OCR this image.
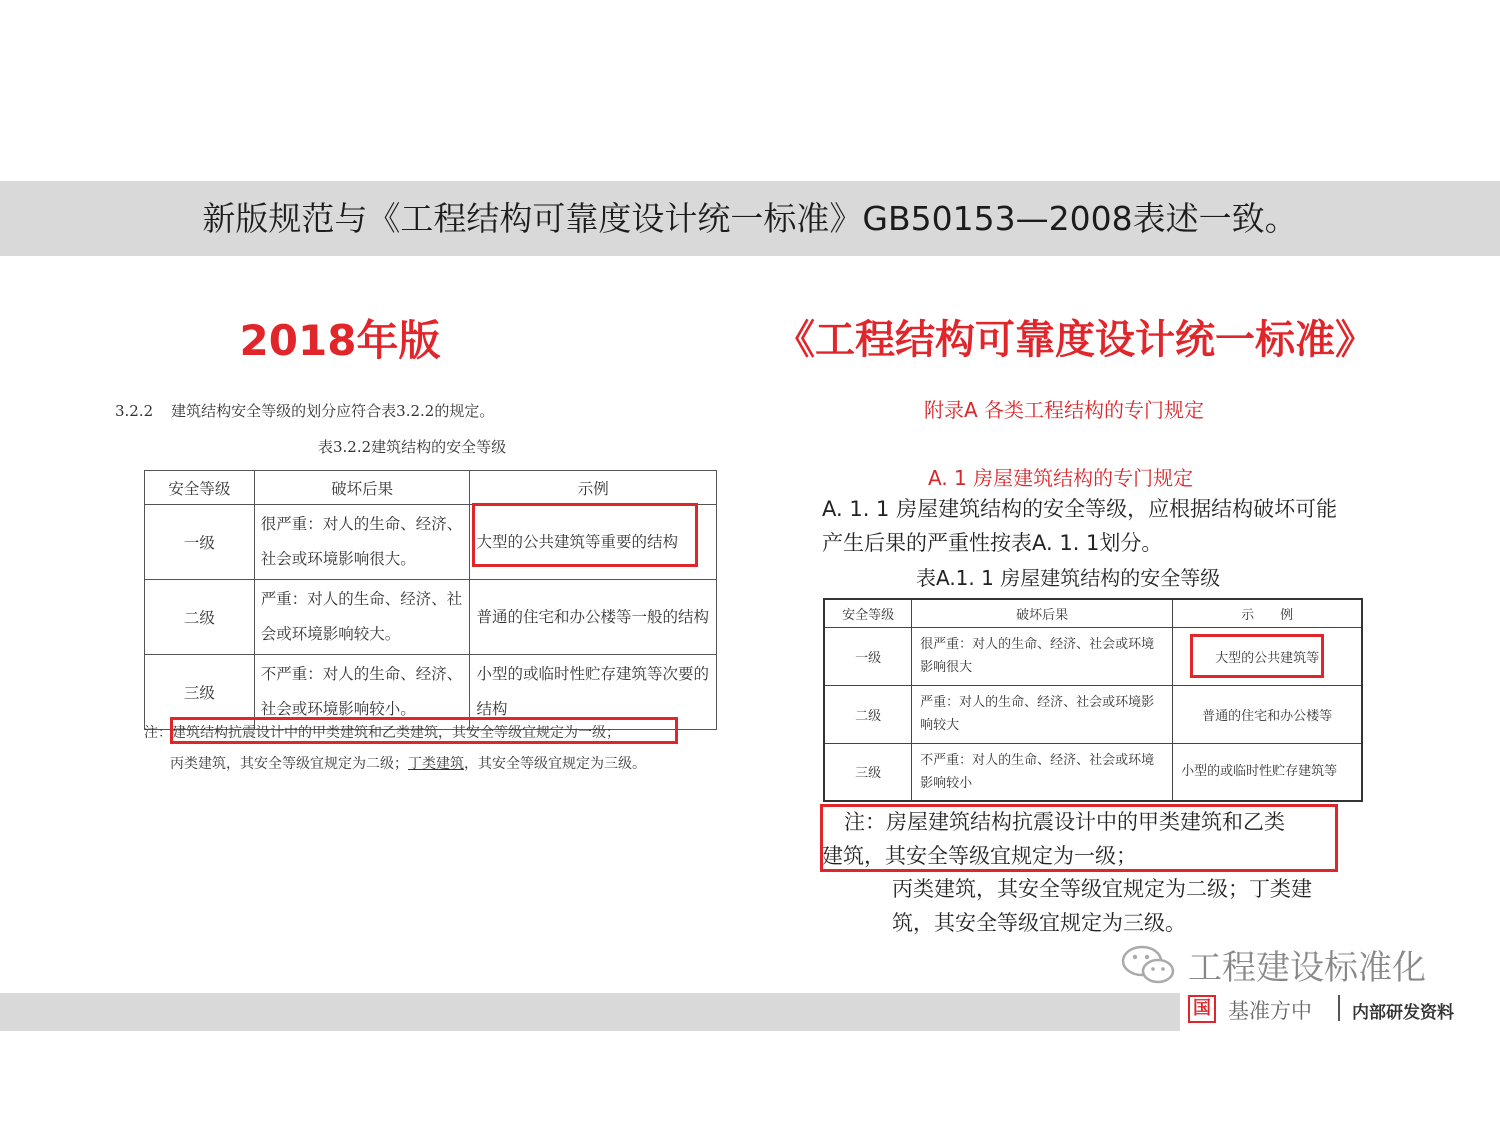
新版规范与《工程结构可靠度设计统一标准》GB50153—2008表述一致。
2018年版	《工程结构可靠度设计统一标准》
3.2.2 建筑结构安全等级的划分应符合表3.2.2的规定。
表3.2.2建筑结构的安全等级
安全等级	破坏后果	示例
一级	很严重：对人的生命、经济、社会或环境影响很大。	大型的公共建筑等重要的结构
二级	严重：对人的生命、经济、社会或环境影响较大。	普通的住宅和办公楼等一般的结构
三级	不严重：对人的生命、经济、社会或环境影响较小。	小型的或临时性贮存建筑等次要的结构
注：建筑结构抗震设计中的甲类建筑和乙类建筑，其安全等级宜规定为一级；
丙类建筑，其安全等级宜规定为二级；丁类建筑，其安全等级宜规定为三级。
附录A 各类工程结构的专门规定
A. 1 房屋建筑结构的专门规定
A. 1. 1 房屋建筑结构的安全等级，应根据结构破坏可能产生后果的严重性按表A. 1. 1划分。
表A.1. 1 房屋建筑结构的安全等级
安全等级	破坏后果	示　　例
一级	很严重：对人的生命、经济、社会或环境影响很大	大型的公共建筑等
二级	严重：对人的生命、经济、社会或环境影响较大	普通的住宅和办公楼等
三级	不严重：对人的生命、经济、社会或环境影响较小	小型的或临时性贮存建筑等
注：房屋建筑结构抗震设计中的甲类建筑和乙类
建筑，其安全等级宜规定为一级；
丙类建筑，其安全等级宜规定为二级；丁类建筑，其安全等级宜规定为三级。
工程建设标准化
国 基准方中 内部研发资料
